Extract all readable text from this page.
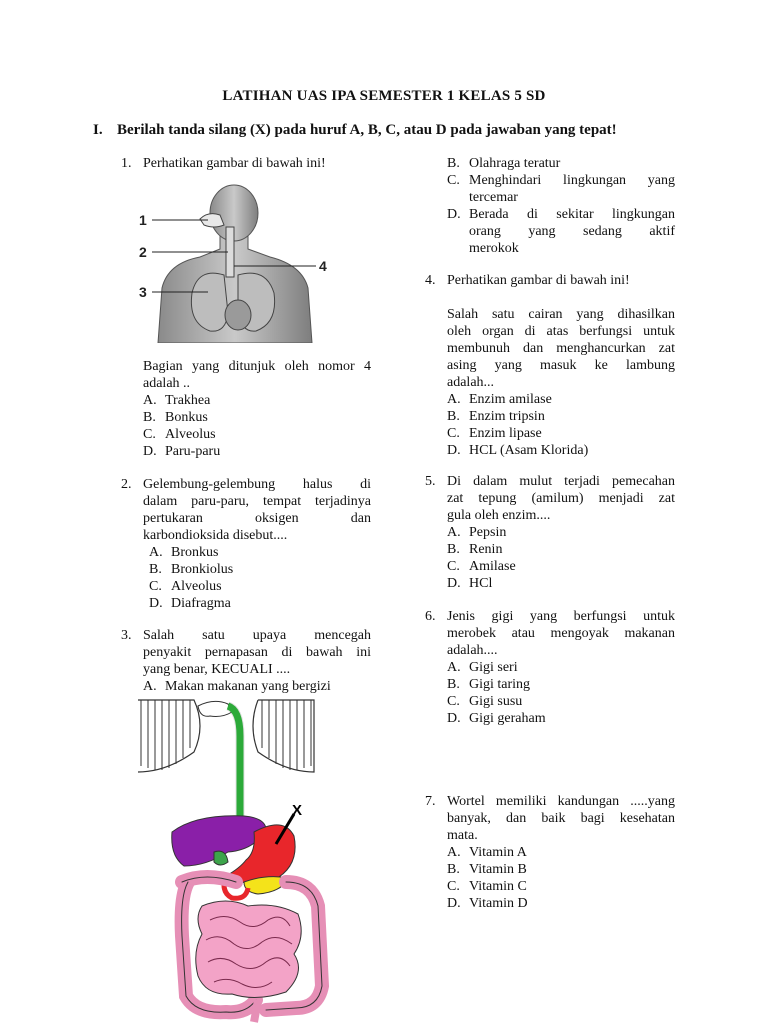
LATIHAN UAS IPA SEMESTER 1 KELAS 5 SD
I. Berilah tanda silang (X) pada huruf A, B, C, atau D pada jawaban yang tepat!
1. Perhatikan gambar di bawah ini!
1
2
3
4
Bagian yang ditunjuk oleh nomor 4
adalah ..
A. Trakhea
B. Bonkus
C. Alveolus
D. Paru-paru
2. Gelembung-gelembung halus di
dalam paru-paru, tempat terjadinya
pertukaran oksigen dan
karbondioksida disebut....
A. Bronkus
B. Bronkiolus
C. Alveolus
D. Diafragma
3. Salah satu upaya mencegah
penyakit pernapasan di bawah ini
yang benar, KECUALI ....
A. Makan makanan yang bergizi
X
B. Olahraga teratur
C. Menghindari lingkungan yang
tercemar
D. Berada di sekitar lingkungan
orang yang sedang aktif
merokok
4. Perhatikan gambar di bawah ini!
Salah satu cairan yang dihasilkan
oleh organ di atas berfungsi untuk
membunuh dan menghancurkan zat
asing yang masuk ke lambung
adalah...
A. Enzim amilase
B. Enzim tripsin
C. Enzim lipase
D. HCL (Asam Klorida)
5. Di dalam mulut terjadi pemecahan
zat tepung (amilum) menjadi zat
gula oleh enzim....
A. Pepsin
B. Renin
C. Amilase
D. HCl
6. Jenis gigi yang berfungsi untuk
merobek atau mengoyak makanan
adalah....
A. Gigi seri
B. Gigi taring
C. Gigi susu
D. Gigi geraham
7. Wortel memiliki kandungan .....yang
banyak, dan baik bagi kesehatan
mata.
A. Vitamin A
B. Vitamin B
C. Vitamin C
D. Vitamin D
